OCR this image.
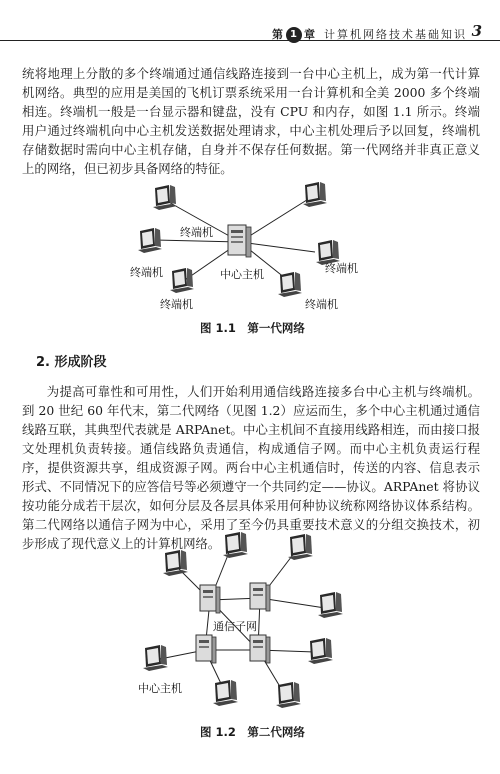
第 1 章 计算机网络技术基础知识 3

统将地理上分散的多个终端通过通信线路连接到一台中心主机上，成为第一代计算机网络。典型的应用是美国的飞机订票系统采用一台计算机和全美 2000 多个终端相连。终端机一般是一台显示器和键盘，没有 CPU 和内存，如图 1.1 所示。终端用户通过终端机向中心主机发送数据处理请求，中心主机处理后予以回复，终端机存储数据时需向中心主机存储，自身并不保存任何数据。第一代网络并非真正意义上的网络，但已初步具备网络的特征。

终端机
终端机	终端机
终端机	终端机
中心主机
图 1.1　第一代网络
2. 形成阶段

为提高可靠性和可用性，人们开始利用通信线路连接多台中心主机与终端机。到 20 世纪 60 年代末，第二代网络（见图 1.2）应运而生，多个中心主机通过通信线路互联，其典型代表就是 ARPAnet。中心主机间不直接用线路相连，而由接口报文处理机负责转接。通信线路负责通信，构成通信子网。而中心主机负责运行程序，提供资源共享，组成资源子网。两台中心主机通信时，传送的内容、信息表示形式、不同情况下的应答信号等必须遵守一个共同约定——协议。ARPAnet 将协议按功能分成若干层次，如何分层及各层具体采用何种协议统称网络协议体系结构。第二代网络以通信子网为中心，采用了至今仍具重要技术意义的分组交换技术，初步形成了现代意义上的计算机网络。

通信子网
中心主机
图 1.2　第二代网络
